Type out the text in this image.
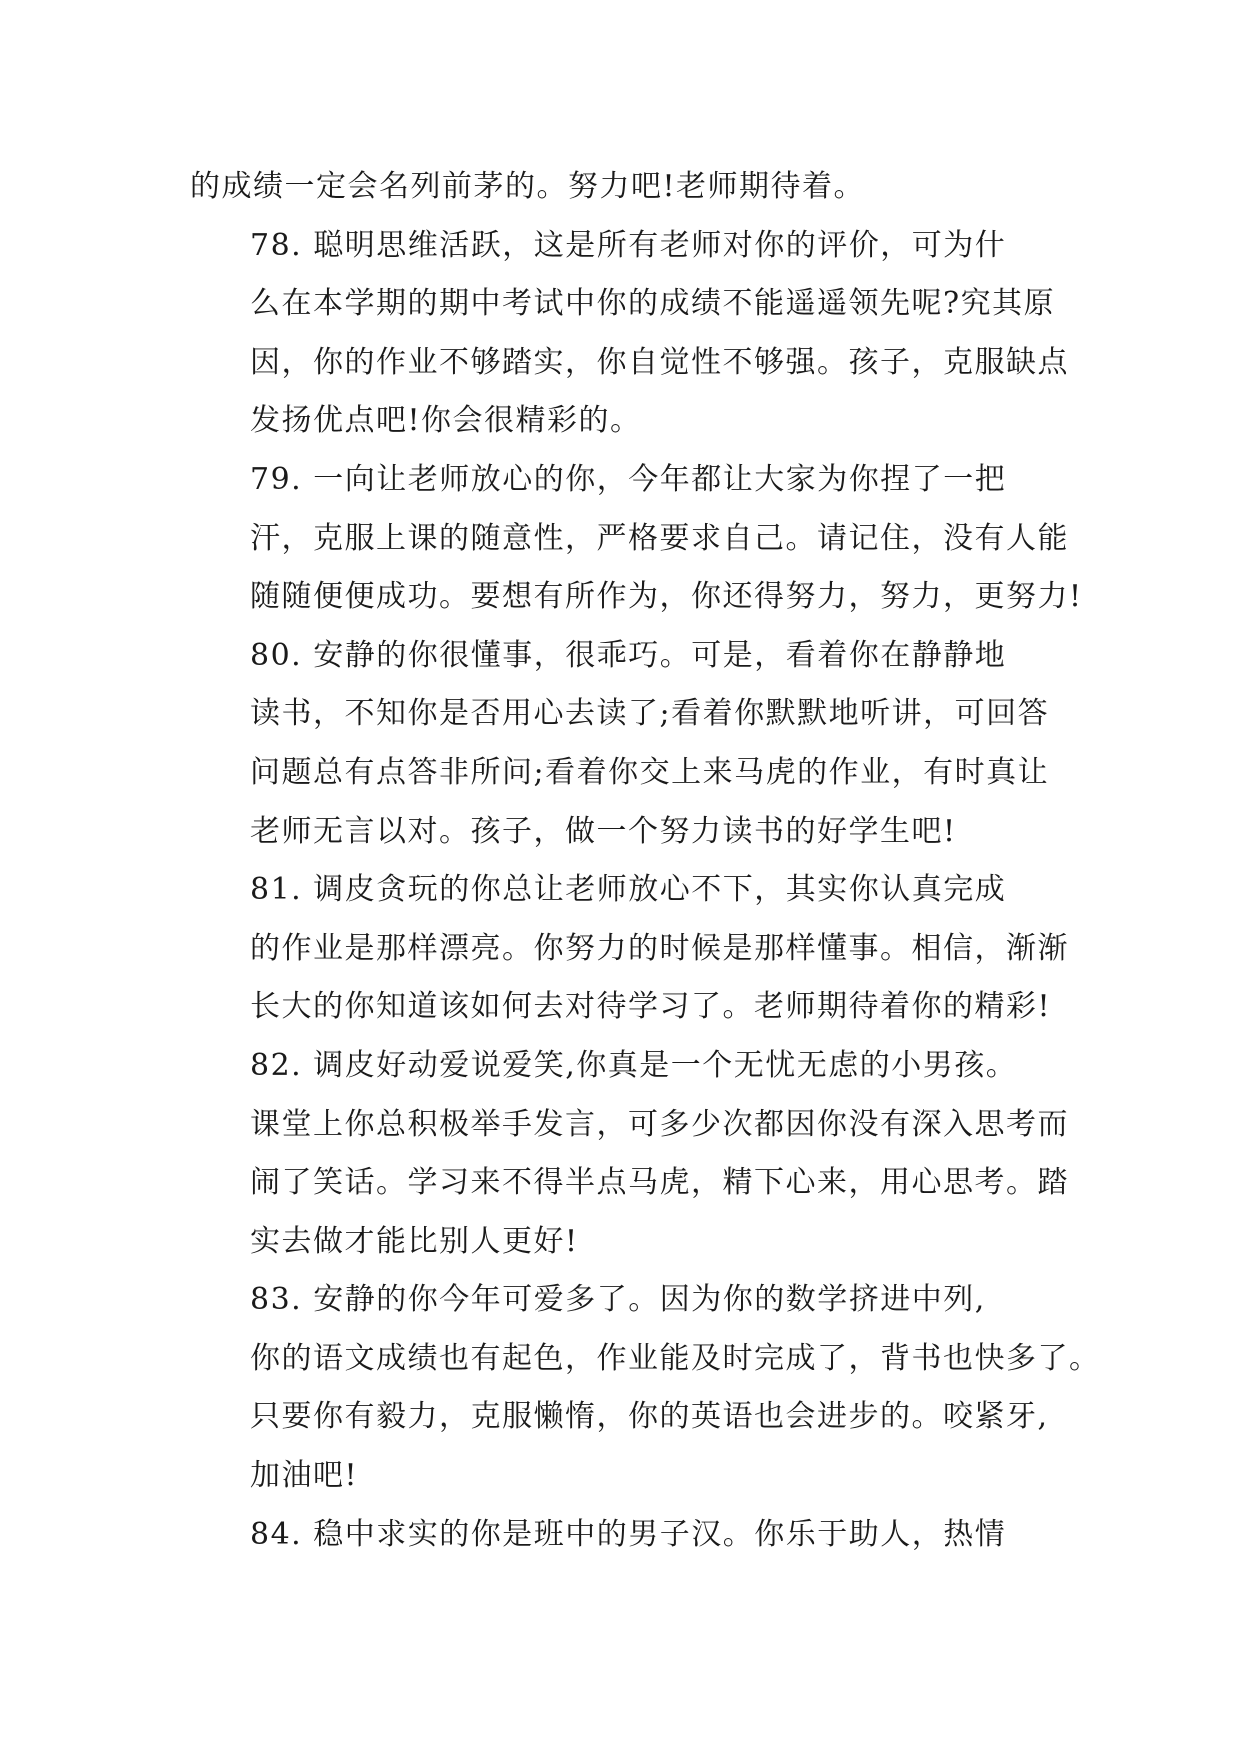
的成绩一定会名列前茅的。努力吧!老师期待着。

78. 聪明思维活跃，这是所有老师对你的评价，可为什
么在本学期的期中考试中你的成绩不能遥遥领先呢?究其原
因，你的作业不够踏实，你自觉性不够强。孩子，克服缺点
发扬优点吧!你会很精彩的。

79. 一向让老师放心的你，今年都让大家为你捏了一把
汗，克服上课的随意性，严格要求自己。请记住，没有人能
随随便便成功。要想有所作为，你还得努力，努力，更努力!

80. 安静的你很懂事，很乖巧。可是，看着你在静静地
读书，不知你是否用心去读了;看着你默默地听讲，可回答
问题总有点答非所问;看着你交上来马虎的作业，有时真让
老师无言以对。孩子，做一个努力读书的好学生吧!

81. 调皮贪玩的你总让老师放心不下，其实你认真完成
的作业是那样漂亮。你努力的时候是那样懂事。相信，渐渐
长大的你知道该如何去对待学习了。老师期待着你的精彩!

82. 调皮好动爱说爱笑,你真是一个无忧无虑的小男孩。
课堂上你总积极举手发言，可多少次都因你没有深入思考而
闹了笑话。学习来不得半点马虎，精下心来，用心思考。踏
实去做才能比别人更好!

83. 安静的你今年可爱多了。因为你的数学挤进中列,
你的语文成绩也有起色，作业能及时完成了，背书也快多了。
只要你有毅力，克服懒惰，你的英语也会进步的。咬紧牙,
加油吧!

84. 稳中求实的你是班中的男子汉。你乐于助人，热情
